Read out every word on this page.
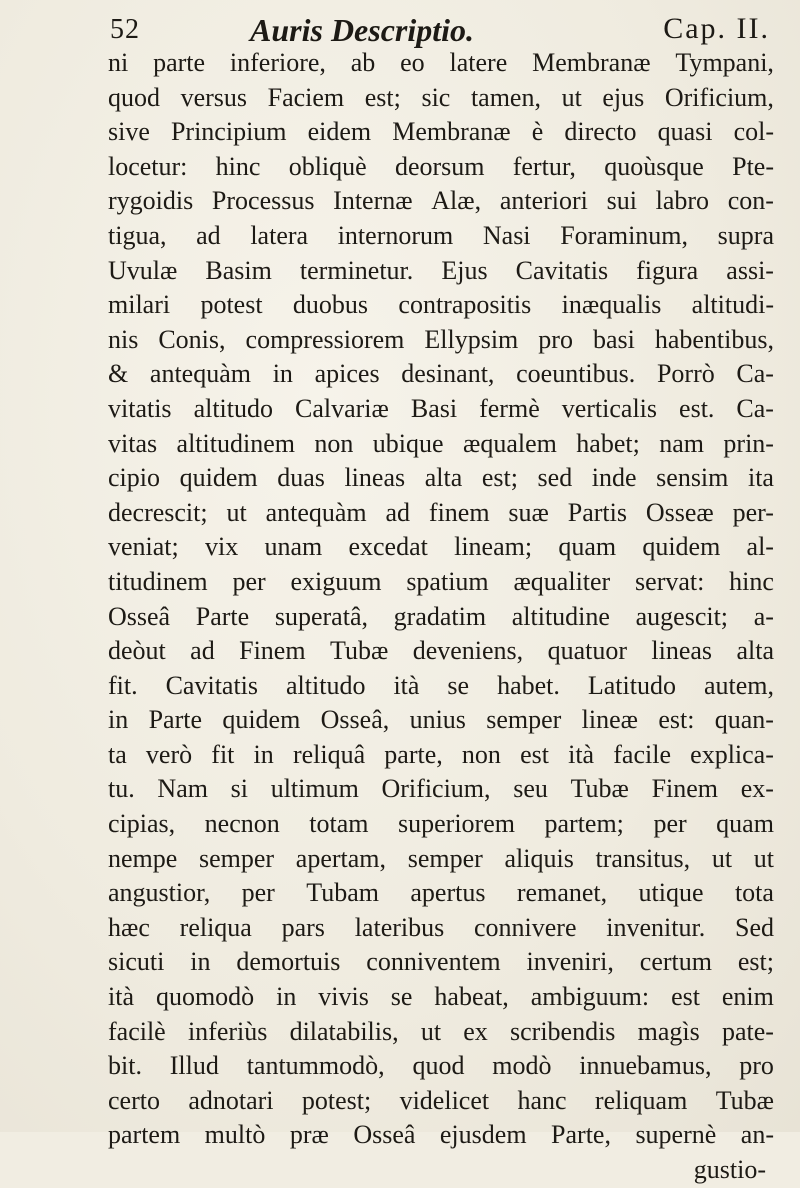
52	Auris Descriptio.	Cap. II.
ni parte inferiore, ab eo latere Membranæ Tympani,
quod versus Faciem est; sic tamen, ut ejus Orificium,
sive Principium eidem Membranæ è directo quasi col-
locetur: hinc obliquè deorsum fertur, quoùsque Pte-
rygoidis Processus Internæ Alæ, anteriori sui labro con-
tigua, ad latera internorum Nasi Foraminum, supra
Uvulæ Basim terminetur. Ejus Cavitatis figura assi-
milari potest duobus contrapositis inæqualis altitudi-
nis Conis, compressiorem Ellypsim pro basi habentibus,
& antequàm in apices desinant, coeuntibus. Porrò Ca-
vitatis altitudo Calvariæ Basi fermè verticalis est. Ca-
vitas altitudinem non ubique æqualem habet; nam prin-
cipio quidem duas lineas alta est; sed inde sensim ita
decrescit; ut antequàm ad finem suæ Partis Osseæ per-
veniat; vix unam excedat lineam; quam quidem al-
titudinem per exiguum spatium æqualiter servat: hinc
Osseâ Parte superatâ, gradatim altitudine augescit; a-
deòut ad Finem Tubæ deveniens, quatuor lineas alta
fit. Cavitatis altitudo ità se habet. Latitudo autem,
in Parte quidem Osseâ, unius semper lineæ est: quan-
ta verò fit in reliquâ parte, non est ità facile explica-
tu. Nam si ultimum Orificium, seu Tubæ Finem ex-
cipias, necnon totam superiorem partem; per quam
nempe semper apertam, semper aliquis transitus, ut ut
angustior, per Tubam apertus remanet, utique tota
hæc reliqua pars lateribus connivere invenitur. Sed
sicuti in demortuis conniventem inveniri, certum est;
ità quomodò in vivis se habeat, ambiguum: est enim
facilè inferiùs dilatabilis, ut ex scribendis magìs pate-
bit. Illud tantummodò, quod modò innuebamus, pro
certo adnotari potest; videlicet hanc reliquam Tubæ
partem multò præ Osseâ ejusdem Parte, supernè an-
gustio-
